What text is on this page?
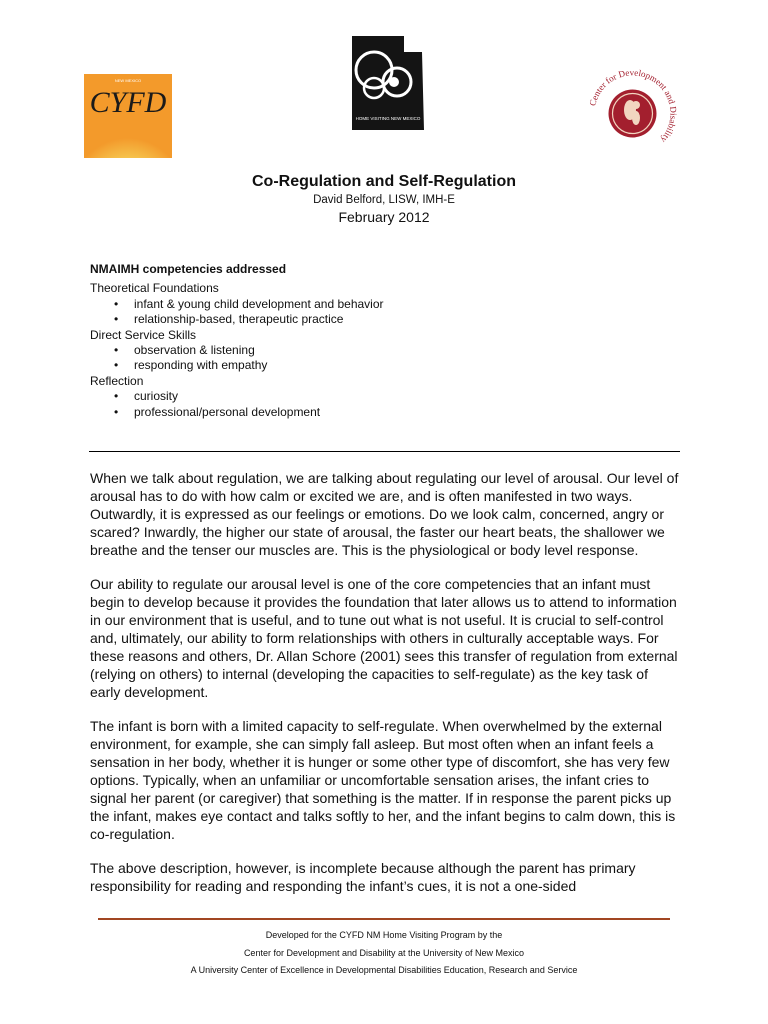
NEW MEXICO
CYFD	HOME VISITING NEW MEXICO
Center for Development and Disability
Co-Regulation and Self-Regulation
David Belford, LISW, IMH-E
February 2012
NMAIMH competencies addressed
Theoretical Foundations
• infant & young child development and behavior
• relationship-based, therapeutic practice
Direct Service Skills
• observation & listening
• responding with empathy
Reflection
• curiosity
• professional/personal development

When we talk about regulation, we are talking about regulating our level of arousal. Our level of arousal has to do with how calm or excited we are, and is often manifested in two ways. Outwardly, it is expressed as our feelings or emotions. Do we look calm, concerned, angry or scared? Inwardly, the higher our state of arousal, the faster our heart beats, the shallower we breathe and the tenser our muscles are. This is the physiological or body level response.

Our ability to regulate our arousal level is one of the core competencies that an infant must begin to develop because it provides the foundation that later allows us to attend to information in our environment that is useful, and to tune out what is not useful. It is crucial to self-control and, ultimately, our ability to form relationships with others in culturally acceptable ways. For these reasons and others, Dr. Allan Schore (2001) sees this transfer of regulation from external (relying on others) to internal (developing the capacities to self-regulate) as the key task of early development.

The infant is born with a limited capacity to self-regulate. When overwhelmed by the external environment, for example, she can simply fall asleep. But most often when an infant feels a sensation in her body, whether it is hunger or some other type of discomfort, she has very few options. Typically, when an unfamiliar or uncomfortable sensation arises, the infant cries to signal her parent (or caregiver) that something is the matter. If in response the parent picks up the infant, makes eye contact and talks softly to her, and the infant begins to calm down, this is co-regulation.

The above description, however, is incomplete because although the parent has primary responsibility for reading and responding the infant’s cues, it is not a one-sided

Developed for the CYFD NM Home Visiting Program by the
Center for Development and Disability at the University of New Mexico
A University Center of Excellence in Developmental Disabilities Education, Research and Service
